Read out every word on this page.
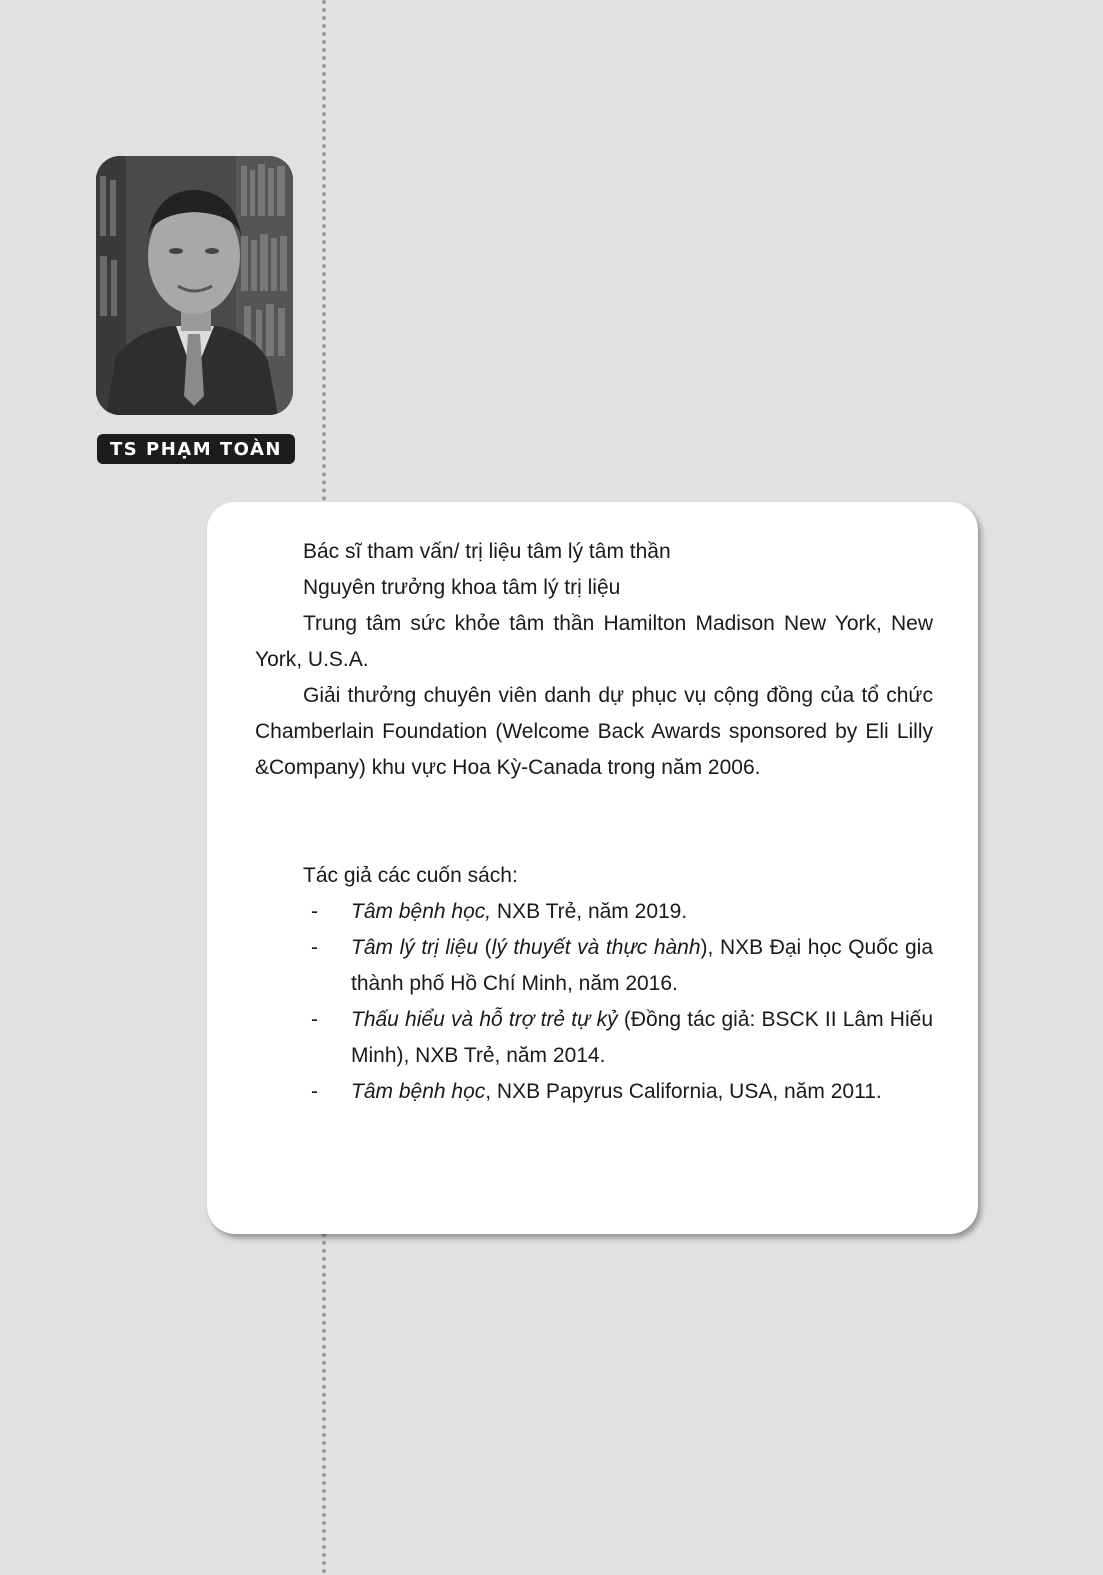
TS PHẠM TOÀN

Bác sĩ tham vấn/ trị liệu tâm lý tâm thần

Nguyên trưởng khoa tâm lý trị liệu

Trung tâm sức khỏe tâm thần Hamilton Madison New York, New York, U.S.A.

Giải thưởng chuyên viên danh dự phục vụ cộng đồng của tổ chức Chamberlain Foundation (Welcome Back Awards sponsored by Eli Lilly &Company) khu vực Hoa Kỳ-Canada trong năm 2006.

Tác giả các cuốn sách:

- Tâm bệnh học, NXB Trẻ, năm 2019.
- Tâm lý trị liệu (lý thuyết và thực hành), NXB Đại học Quốc gia thành phố Hồ Chí Minh, năm 2016.
- Thấu hiểu và hỗ trợ trẻ tự kỷ (Đồng tác giả: BSCK II Lâm Hiếu Minh), NXB Trẻ, năm 2014.
- Tâm bệnh học, NXB Papyrus California, USA, năm 2011.
